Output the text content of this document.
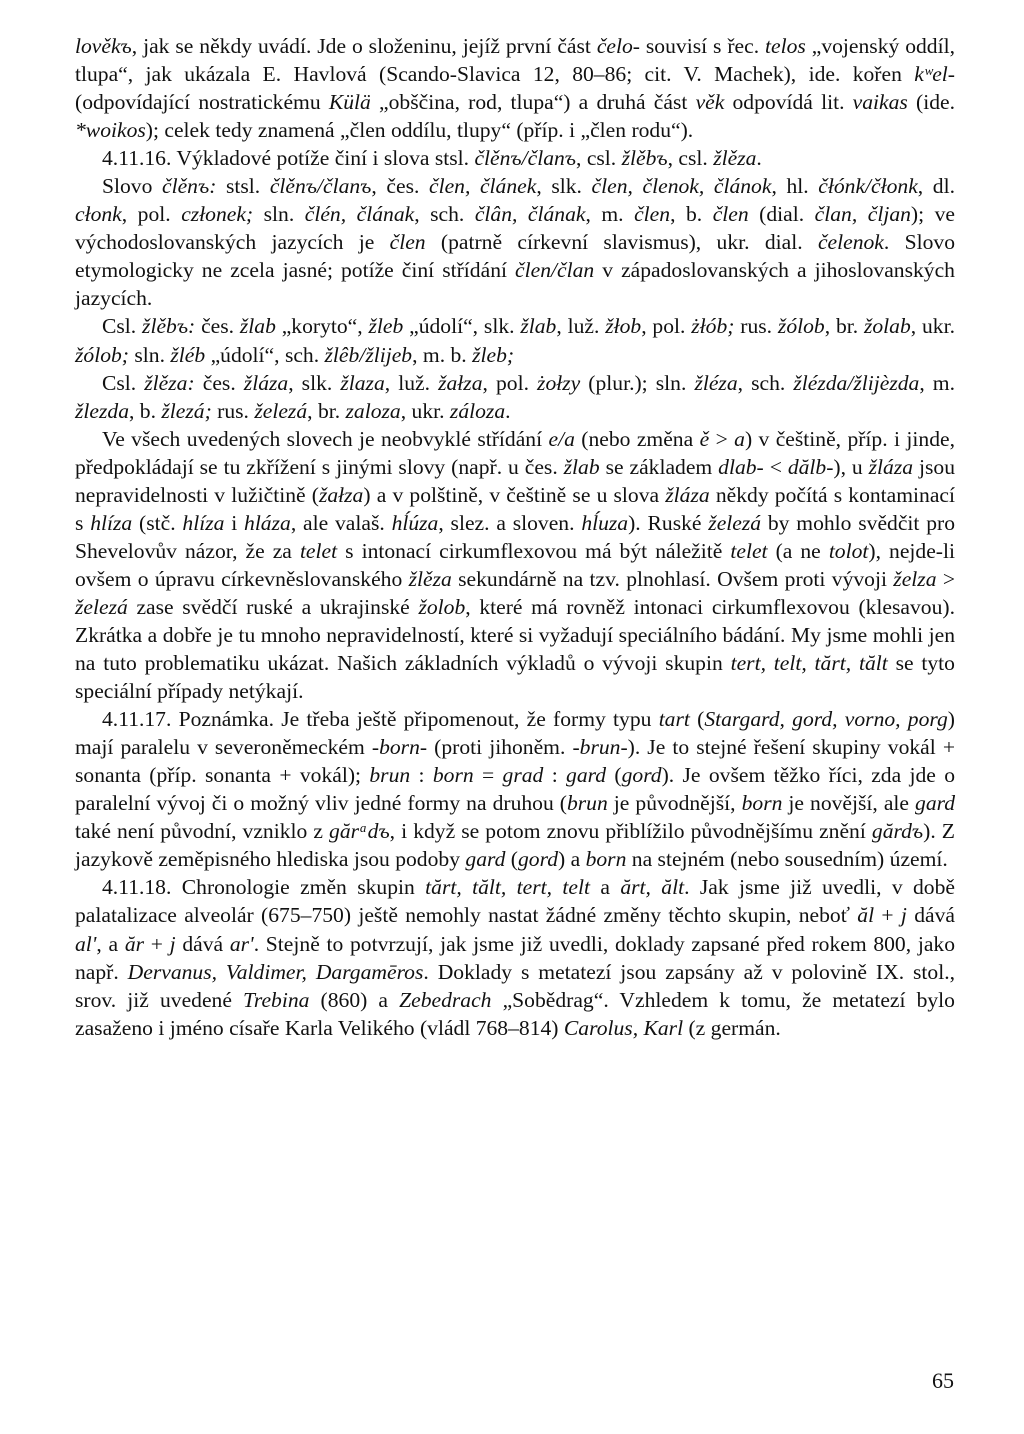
lověkъ, jak se někdy uvádí. Jde o složeninu, jejíž první část čelo- souvisí s řec. telos „vojenský oddíl, tlupa“, jak ukázala E. Havlová (Scando-Slavica 12, 80–86; cit. V. Machek), ide. kořen kʷel- (odpovídající nostratickému Külä „obščina, rod, tlupa“) a druhá část věk odpovídá lit. vaikas (ide. *woikos); celek tedy znamená „člen oddílu, tlupy“ (příp. i „člen rodu“).

4.11.16. Výkladové potíže činí i slova stsl. člěnъ/članъ, csl. žlěbъ, csl. žlěza.

Slovo člěnъ: stsl. člěnъ/članъ, čes. člen, článek, slk. člen, členok, článok, hl. čłónk/čłonk, dl. cłonk, pol. członek; sln. člén, člának, sch. člân, člának, m. člen, b. člen (dial. član, čljan); ve východoslovanských jazycích je člen (patrně církevní slavismus), ukr. dial. čelenok. Slovo etymologicky ne zcela jasné; potíže činí střídání člen/član v západoslovanských a jihoslovanských jazycích.

Csl. žlěbъ: čes. žlab „koryto“, žleb „údolí“, slk. žlab, luž. žłob, pol. żłób; rus. žólob, br. žolab, ukr. žólob; sln. žléb „údolí“, sch. žlêb/žlijeb, m. b. žleb;

Csl. žlěza: čes. žláza, slk. žlaza, luž. žałza, pol. żołzy (plur.); sln. žléza, sch. žlézda/žlijèzda, m. žlezda, b. žlezá; rus. železá, br. zaloza, ukr. záloza.

Ve všech uvedených slovech je neobvyklé střídání e/a (nebo změna ě > a) v češtině, příp. i jinde, předpokládají se tu zkřížení s jinými slovy (např. u čes. žlab se základem dlab- < dălb-), u žláza jsou nepravidelnosti v lužičtině (žałza) a v polštině, v češtině se u slova žláza někdy počítá s kontaminací s hlíza (stč. hlíza i hláza, ale valaš. hĺúza, slez. a sloven. hĺuza). Ruské železá by mohlo svědčit pro Shevelovův názor, že za telet s intonací cirkumflexovou má být náležitě telet (a ne tolot), nejde-li ovšem o úpravu církevněslovanského žlěza sekundárně na tzv. plnohlasí. Ovšem proti vývoji želza > železá zase svědčí ruské a ukrajinské žolob, které má rovněž intonaci cirkumflexovou (klesavou). Zkrátka a dobře je tu mnoho nepravidelností, které si vyžadují speciálního bádání. My jsme mohli jen na tuto problematiku ukázat. Našich základních výkladů o vývoji skupin tert, telt, tărt, tălt se tyto speciální případy netýkají.

4.11.17. Poznámka. Je třeba ještě připomenout, že formy typu tart (Stargard, gord, vorno, porg) mají paralelu v severoněmeckém -born- (proti jihoněm. -brun-). Je to stejné řešení skupiny vokál + sonanta (příp. sonanta + vokál); brun : born = grad : gard (gord). Je ovšem těžko říci, zda jde o paralelní vývoj či o možný vliv jedné formy na druhou (brun je původnější, born je novější, ale gard také není původní, vzniklo z gărᵃdъ, i když se potom znovu přiblížilo původnějšímu znění gărdъ). Z jazykově zeměpisného hlediska jsou podoby gard (gord) a born na stejném (nebo sousedním) území.

4.11.18. Chronologie změn skupin tărt, tălt, tert, telt a ărt, ălt. Jak jsme již uvedli, v době palatalizace alveolár (675–750) ještě nemohly nastat žádné změny těchto skupin, neboť ăl + j dává al', a ăr + j dává ar'. Stejně to potvrzují, jak jsme již uvedli, doklady zapsané před rokem 800, jako např. Dervanus, Valdimer, Dargamēros. Doklady s metatezí jsou zapsány až v polovině IX. stol., srov. již uvedené Trebina (860) a Zebedrach „Sobědrag“. Vzhledem k tomu, že metatezí bylo zasaženo i jméno císaře Karla Velikého (vládl 768–814) Carolus, Karl (z germán.

65
